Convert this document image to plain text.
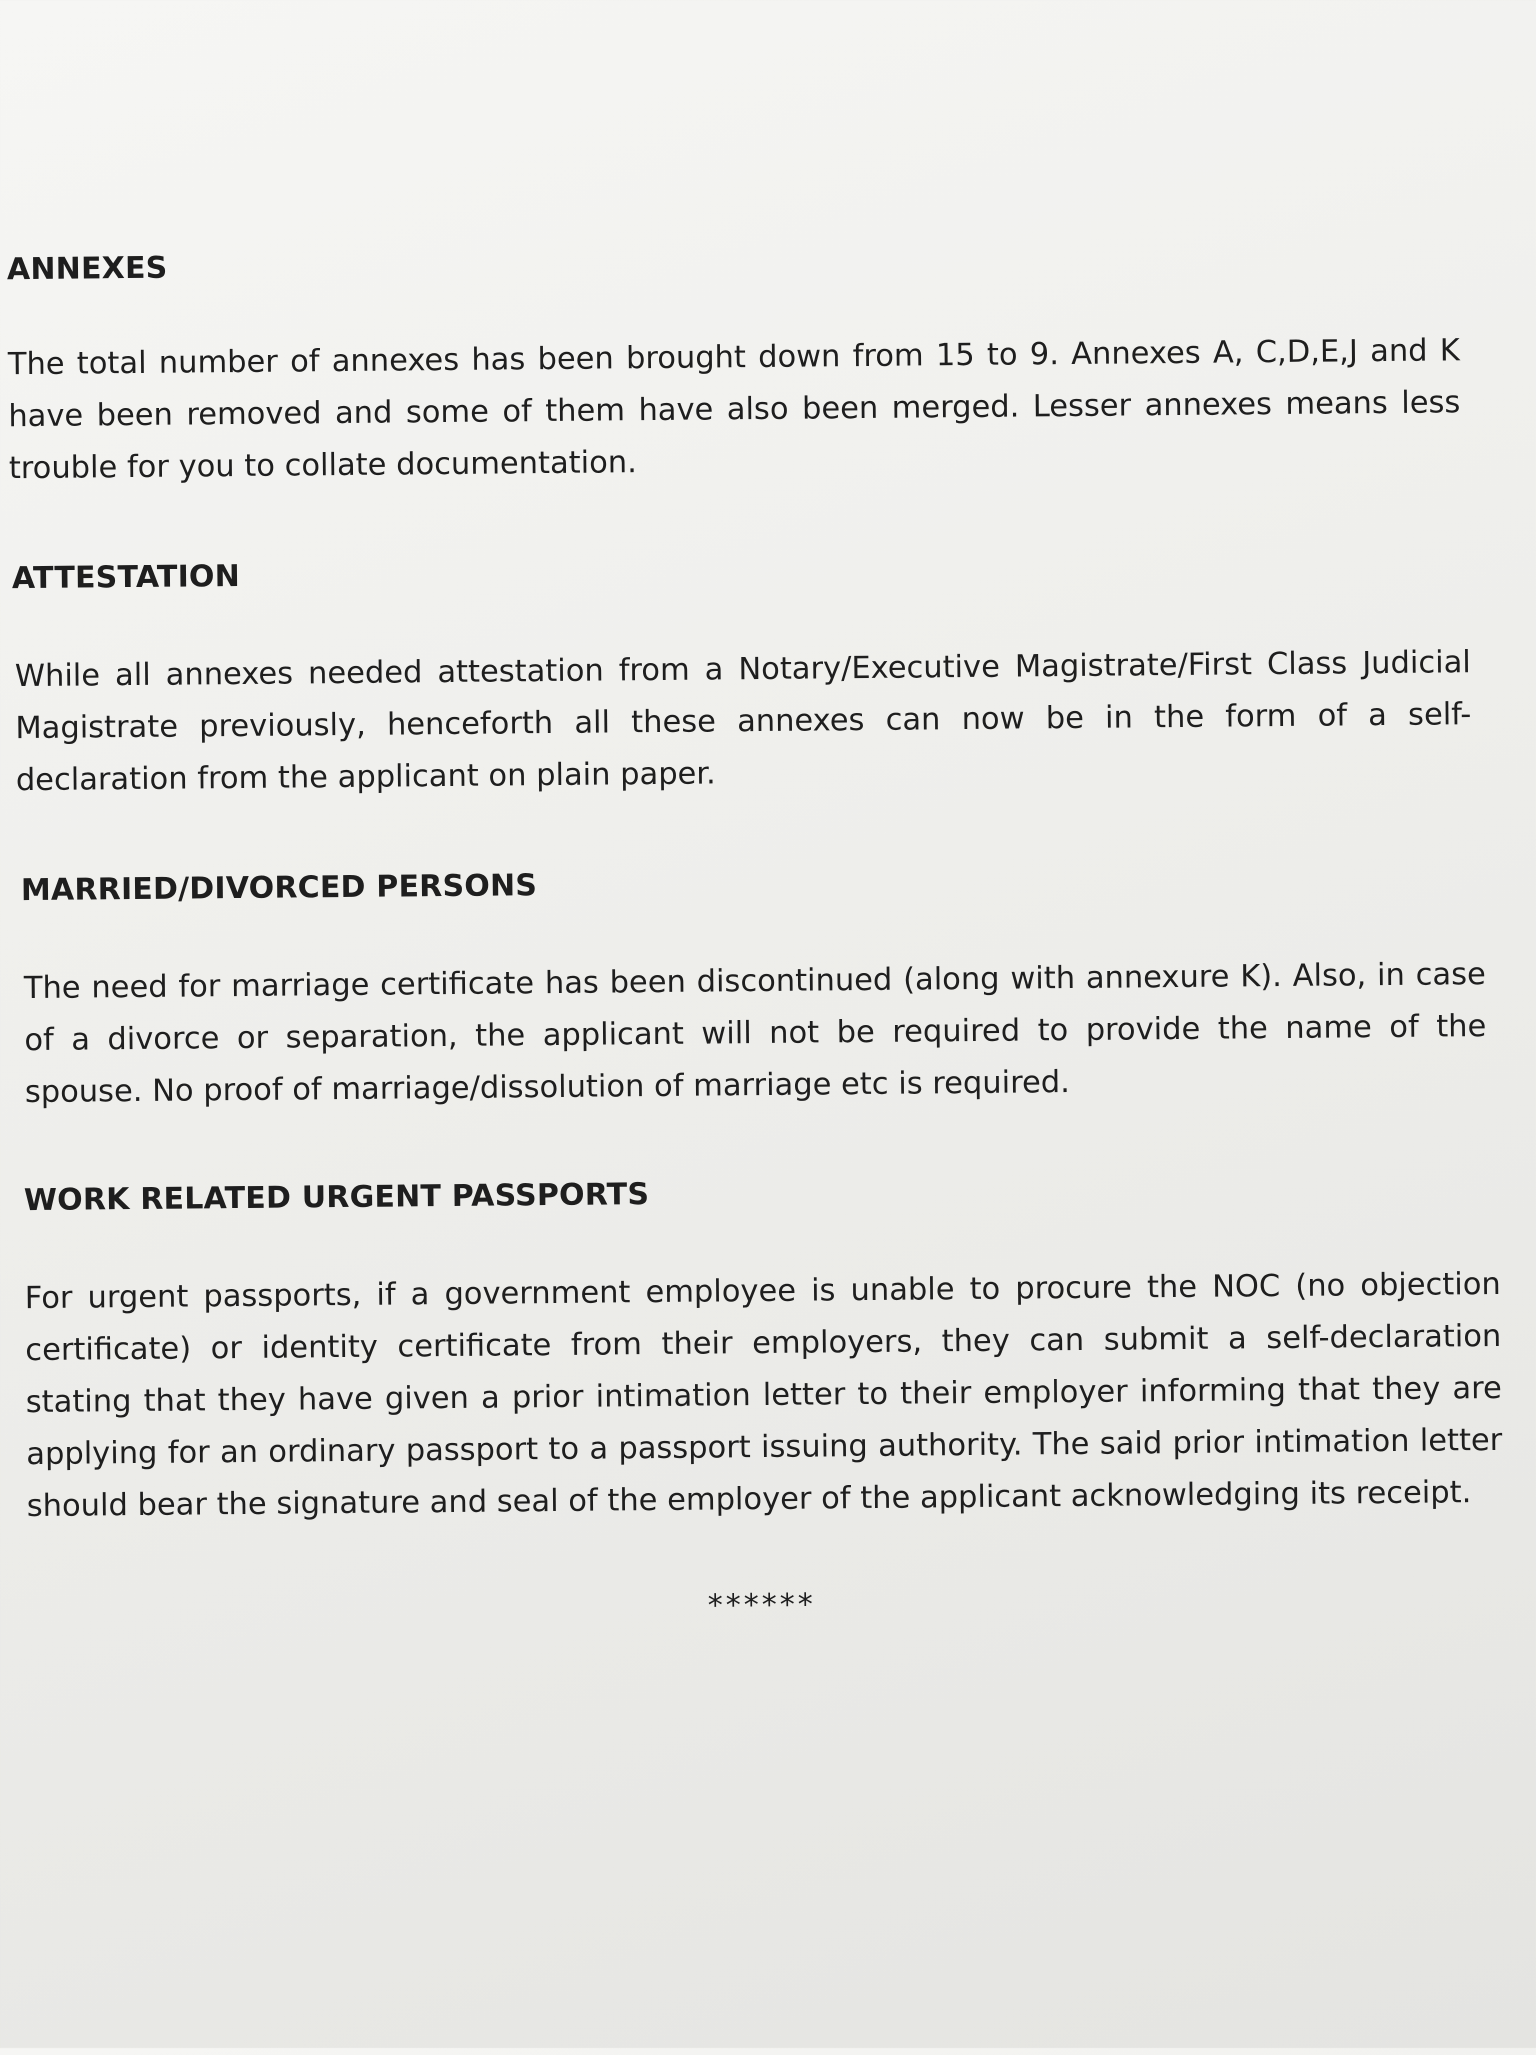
ANNEXES

The total number of annexes has been brought down from 15 to 9. Annexes A, C,D,E,J and K have been removed and some of them have also been merged. Lesser annexes means less trouble for you to collate documentation.

ATTESTATION

While all annexes needed attestation from a Notary/Executive Magistrate/First Class Judicial Magistrate previously, henceforth all these annexes can now be in the form of a self-declaration from the applicant on plain paper.

MARRIED/DIVORCED PERSONS

The need for marriage certificate has been discontinued (along with annexure K). Also, in case of a divorce or separation, the applicant will not be required to provide the name of the spouse. No proof of marriage/dissolution of marriage etc is required.

WORK RELATED URGENT PASSPORTS

For urgent passports, if a government employee is unable to procure the NOC (no objection certificate) or identity certificate from their employers, they can submit a self-declaration stating that they have given a prior intimation letter to their employer informing that they are applying for an ordinary passport to a passport issuing authority. The said prior intimation letter should bear the signature and seal of the employer of the applicant acknowledging its receipt.

******
